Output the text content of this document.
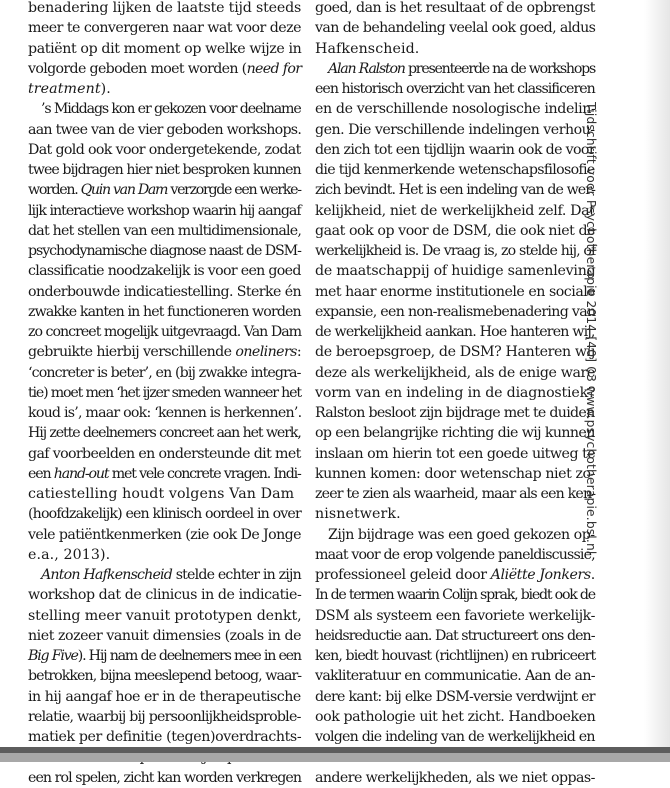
benadering lijken de laatste tijd steeds
meer te convergeren naar wat voor deze
patiënt op dit moment op welke wijze in
volgorde geboden moet worden (need for
treatment).
’s Middags kon er gekozen voor deelname
aan twee van de vier geboden workshops.
Dat gold ook voor ondergetekende, zodat
twee bijdragen hier niet besproken kunnen
worden. Quin van Dam verzorgde een werke-
lijk interactieve workshop waarin hij aangaf
dat het stellen van een multidimensionale,
psychodynamische diagnose naast de DSM-
classificatie noodzakelijk is voor een goed
onderbouwde indicatiestelling. Sterke én
zwakke kanten in het functioneren worden
zo concreet mogelijk uitgevraagd. Van Dam
gebruikte hierbij verschillende oneliners:
‘concreter is beter’, en (bij zwakke integra-
tie) moet men ‘het ijzer smeden wanneer het
koud is’, maar ook: ‘kennen is herkennen’.
Hij zette deelnemers concreet aan het werk,
gaf voorbeelden en ondersteunde dit met
een hand-out met vele concrete vragen. Indi-
catiestelling houdt volgens Van Dam
(hoofdzakelijk) een klinisch oordeel in over
vele patiëntkenmerken (zie ook De Jonge
e.a., 2013).
Anton Hafkenscheid stelde echter in zijn
workshop dat de clinicus in de indicatie-
stelling meer vanuit prototypen denkt,
niet zozeer vanuit dimensies (zoals in de
Big Five). Hij nam de deelnemers mee in een
betrokken, bijna meeslepend betoog, waar-
in hij aangaf hoe er in de therapeutische
relatie, waarbij bij persoonlijkheidsproble-
matiek per definitie (tegen)overdrachts-
een rol spelen, zicht kan worden verkregen
goed, dan is het resultaat of de opbrengst
van de behandeling veelal ook goed, aldus
Hafkenscheid.
Alan Ralston presenteerde na de workshops
een historisch overzicht van het classificeren
en de verschillende nosologische indelin-
gen. Die verschillende indelingen verhou-
den zich tot een tijdlijn waarin ook de voor
die tijd kenmerkende wetenschapsfilosofie
zich bevindt. Het is een indeling van de wer-
kelijkheid, niet de werkelijkheid zelf. Dat
gaat ook op voor de DSM, die ook niet de
werkelijkheid is. De vraag is, zo stelde hij, of
de maatschappij of huidige samenleving
met haar enorme institutionele en sociale
expansie, een non-realismebenadering van
de werkelijkheid aankan. Hoe hanteren wij,
de beroepsgroep, de DSM? Hanteren wij
deze als werkelijkheid, als de enige ware
vorm van en indeling in de diagnostiek?
Ralston besloot zijn bijdrage met te duiden
op een belangrijke richting die wij kunnen
inslaan om hierin tot een goede uitweg te
kunnen komen: door wetenschap niet zo-
zeer te zien als waarheid, maar als een ken-
nisnetwerk.
Zijn bijdrage was een goed gekozen op-
maat voor de erop volgende paneldiscussie,
professioneel geleid door Aliëtte Jonkers.
In de termen waarin Colijn sprak, biedt ook de
DSM als systeem een favoriete werkelijk-
heidsreductie aan. Dat structureert ons den-
ken, biedt houvast (richtlijnen) en rubriceert
vakliteratuur en communicatie. Aan de an-
dere kant: bij elke DSM-versie verdwijnt er
ook pathologie uit het zicht. Handboeken
volgen die indeling van de werkelijkheid en
andere werkelijkheden, als we niet oppas-
Tijdschrift voor Psychotherapie 2014 [40] 03 www.psychotherapie.bsl.nl
